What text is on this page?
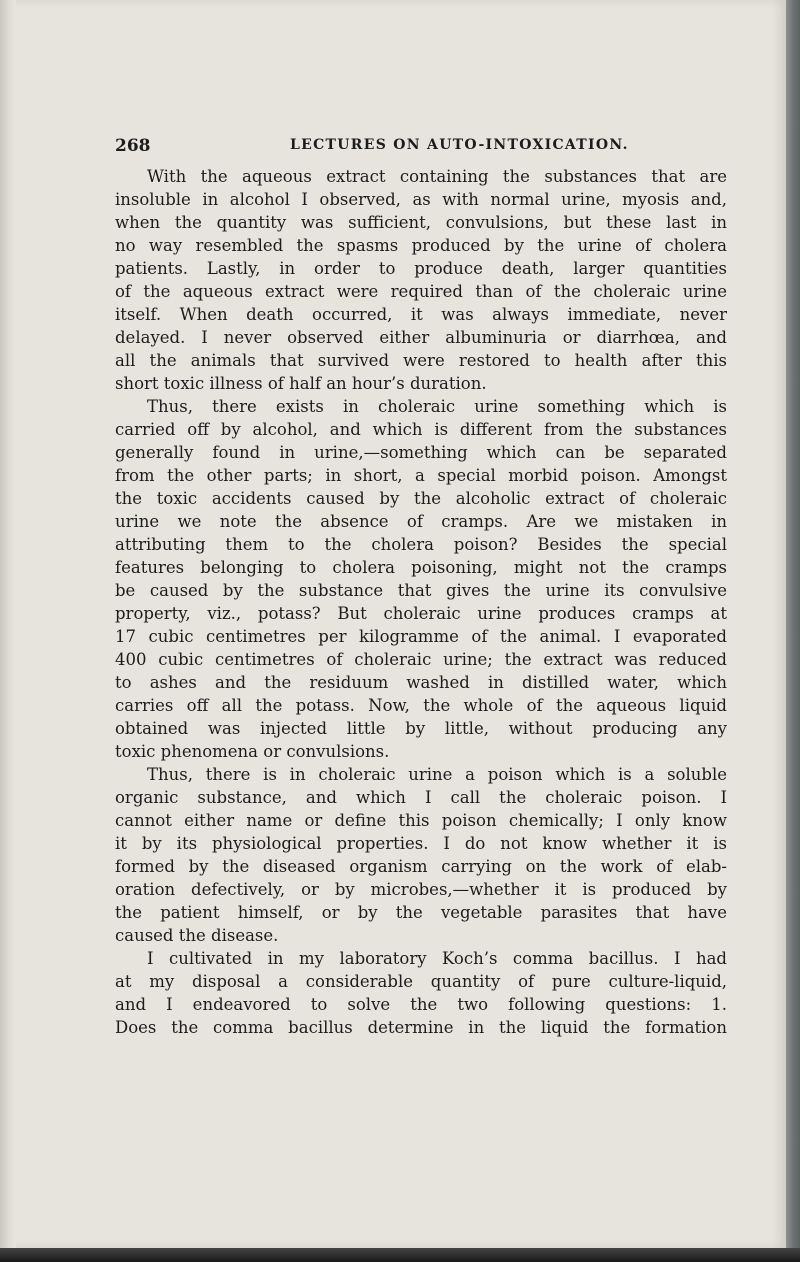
268	LECTURES ON AUTO-INTOXICATION.
With the aqueous extract containing the substances that are
insoluble in alcohol I observed, as with normal urine, myosis and,
when the quantity was sufficient, convulsions, but these last in
no way resembled the spasms produced by the urine of cholera
patients. Lastly, in order to produce death, larger quantities
of the aqueous extract were required than of the choleraic urine
itself. When death occurred, it was always immediate, never
delayed. I never observed either albuminuria or diarrhœa, and
all the animals that survived were restored to health after this
short toxic illness of half an hour’s duration.
Thus, there exists in choleraic urine something which is
carried off by alcohol, and which is different from the substances
generally found in urine,—something which can be separated
from the other parts; in short, a special morbid poison. Amongst
the toxic accidents caused by the alcoholic extract of choleraic
urine we note the absence of cramps. Are we mistaken in
attributing them to the cholera poison? Besides the special
features belonging to cholera poisoning, might not the cramps
be caused by the substance that gives the urine its convulsive
property, viz., potass? But choleraic urine produces cramps at
17 cubic centimetres per kilogramme of the animal. I evaporated
400 cubic centimetres of choleraic urine; the extract was reduced
to ashes and the residuum washed in distilled water, which
carries off all the potass. Now, the whole of the aqueous liquid
obtained was injected little by little, without producing any
toxic phenomena or convulsions.
Thus, there is in choleraic urine a poison which is a soluble
organic substance, and which I call the choleraic poison. I
cannot either name or define this poison chemically; I only know
it by its physiological properties. I do not know whether it is
formed by the diseased organism carrying on the work of elab-
oration defectively, or by microbes,—whether it is produced by
the patient himself, or by the vegetable parasites that have
caused the disease.
I cultivated in my laboratory Koch’s comma bacillus. I had
at my disposal a considerable quantity of pure culture-liquid,
and I endeavored to solve the two following questions: 1.
Does the comma bacillus determine in the liquid the formation
